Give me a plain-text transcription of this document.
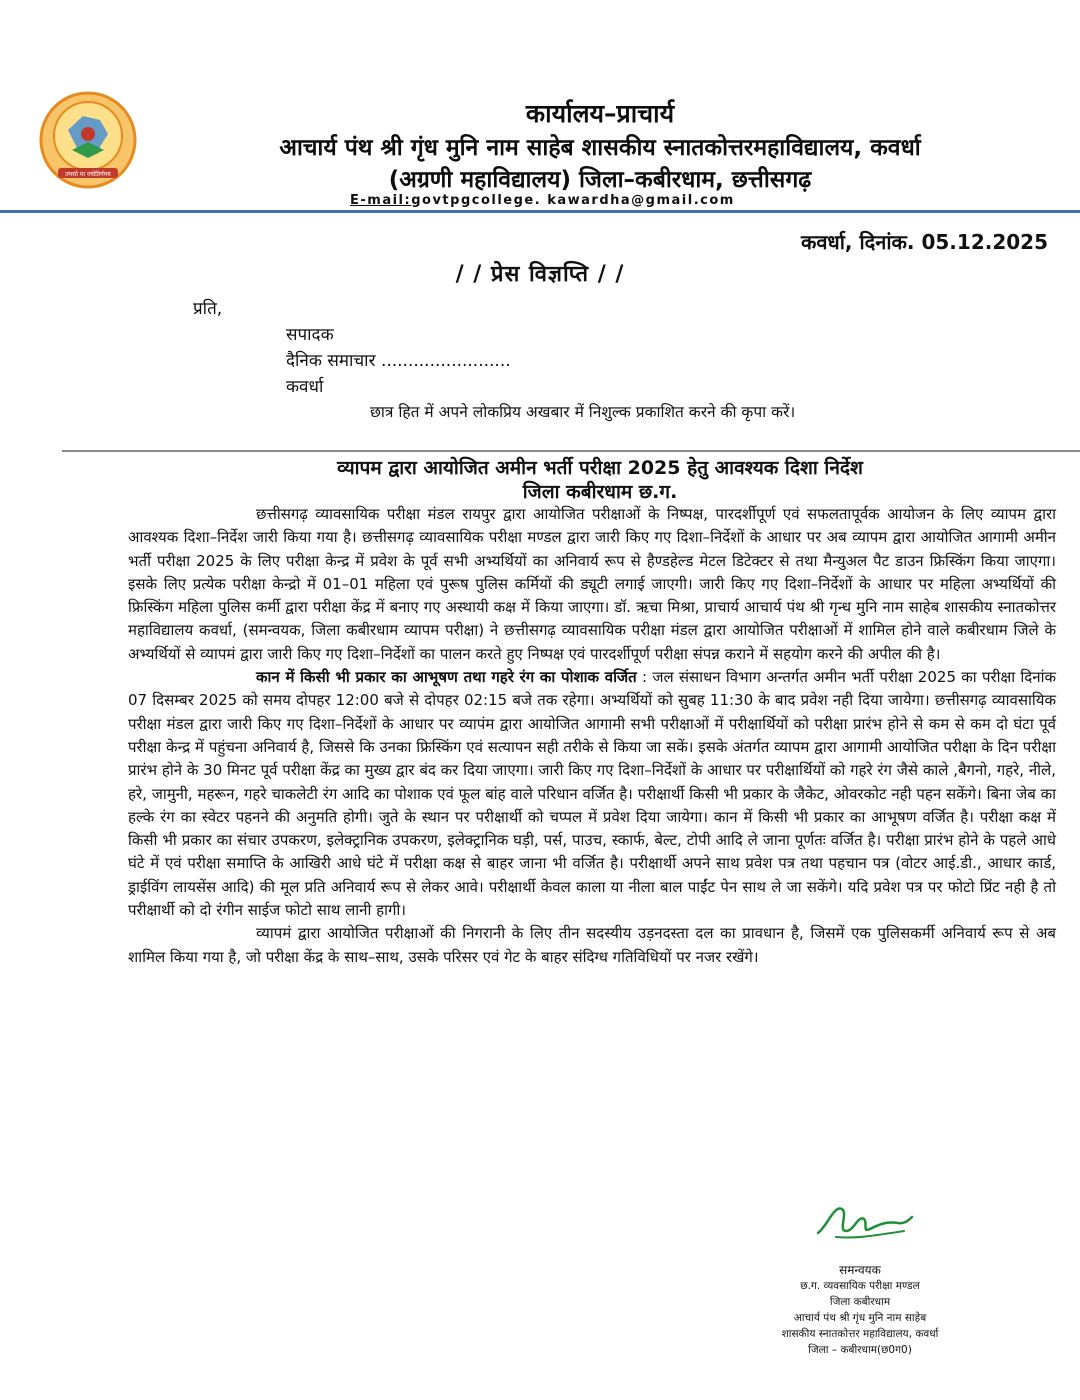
तमसो मा ज्योतिर्गमय
कार्यालय–प्राचार्य
आचार्य पंथ श्री गृंध मुनि नाम साहेब शासकीय स्नातकोत्तरमहाविद्यालय, कवर्धा
(अग्रणी महाविद्यालय) जिला–कबीरधाम, छत्तीसगढ़
E-mail:govtpgcollege. kawardha@gmail.com
कवर्धा, दिनांक. 05.12.2025
/ / प्रेस विज्ञप्ति / /
प्रति,
सपादक
दैनिक समाचार ........................
कवर्धा
छात्र हित में अपने लोकप्रिय अखबार में निशुल्क प्रकाशित करने की कृपा करें।
व्यापम द्वारा आयोजित अमीन भर्ती परीक्षा 2025 हेतु आवश्यक दिशा निर्देश
जिला कबीरधाम छ.ग.

छत्तीसगढ़ व्यावसायिक परीक्षा मंडल रायपुर द्वारा आयोजित परीक्षाओं के निष्पक्ष, पारदर्शीपूर्ण एवं सफलतापूर्वक आयोजन के लिए व्यापम द्वारा आवश्यक दिशा–निर्देश जारी किया गया है। छत्तीसगढ़ व्यावसायिक परीक्षा मण्डल द्वारा जारी किए गए दिशा–निर्देशों के आधार पर अब व्यापम द्वारा आयोजित आगामी अमीन भर्ती परीक्षा 2025 के लिए परीक्षा केन्द्र में प्रवेश के पूर्व सभी अभ्यर्थियों का अनिवार्य रूप से हैण्डहेल्ड मेटल डिटेक्टर से तथा मैन्युअल पैट डाउन फ्रिस्किंग किया जाएगा। इसके लिए प्रत्येक परीक्षा केन्द्रो में 01–01 महिला एवं पुरूष पुलिस कर्मियों की ड्यूटी लगाई जाएगी। जारी किए गए दिशा–निर्देशों के आधार पर महिला अभ्यर्थियों की फ्रिस्किंग महिला पुलिस कर्मी द्वारा परीक्षा केंद्र में बनाए गए अस्थायी कक्ष में किया जाएगा। डॉ. ऋचा मिश्रा, प्राचार्य आचार्य पंथ श्री गृन्ध मुनि नाम साहेब शासकीय स्नातकोत्तर महाविद्यालय कवर्धा, (समन्वयक, जिला कबीरधाम व्यापम परीक्षा) ने छत्तीसगढ़ व्यावसायिक परीक्षा मंडल द्वारा आयोजित परीक्षाओं में शामिल होने वाले कबीरधाम जिले के अभ्यर्थियों से व्यापमं द्वारा जारी किए गए दिशा–निर्देशों का पालन करते हुए निष्पक्ष एवं पारदर्शीपूर्ण परीक्षा संपन्न कराने में सहयोग करने की अपील की है।

कान में किसी भी प्रकार का आभूषण तथा गहरे रंग का पोशाक वर्जित : जल संसाधन विभाग अन्तर्गत अमीन भर्ती परीक्षा 2025 का परीक्षा दिनांक 07 दिसम्बर 2025 को समय दोपहर 12:00 बजे से दोपहर 02:15 बजे तक रहेगा। अभ्यर्थियों को सुबह 11:30 के बाद प्रवेश नही दिया जायेगा। छत्तीसगढ़ व्यावसायिक परीक्षा मंडल द्वारा जारी किए गए दिशा–निर्देशों के आधार पर व्यापंम द्वारा आयोजित आगामी सभी परीक्षाओं में परीक्षार्थियों को परीक्षा प्रारंभ होने से कम से कम दो घंटा पूर्व परीक्षा केन्द्र में पहुंचना अनिवार्य है, जिससे कि उनका फ्रिस्किंग एवं सत्यापन सही तरीके से किया जा सकें। इसके अंतर्गत व्यापम द्वारा आगामी आयोजित परीक्षा के दिन परीक्षा प्रारंभ होने के 30 मिनट पूर्व परीक्षा केंद्र का मुख्य द्वार बंद कर दिया जाएगा। जारी किए गए दिशा–निर्देशों के आधार पर परीक्षार्थियों को गहरे रंग जैसे काले ,बैगनो, गहरे, नीले, हरे, जामुनी, महरून, गहरे चाकलेटी रंग आदि का पोशाक एवं फूल बांह वाले परिधान वर्जित है। परीक्षार्थी किसी भी प्रकार के जैकेट, ओवरकोट नही पहन सकेंगे। बिना जेब का हल्के रंग का स्वेटर पहनने की अनुमति होगी। जुते के स्थान पर परीक्षार्थी को चप्पल में प्रवेश दिया जायेगा। कान में किसी भी प्रकार का आभूषण वर्जित है। परीक्षा कक्ष में किसी भी प्रकार का संचार उपकरण, इलेक्ट्रानिक उपकरण, इलेक्ट्रानिक घड़ी, पर्स, पाउच, स्कार्फ, बेल्ट, टोपी आदि ले जाना पूर्णतः वर्जित है। परीक्षा प्रारंभ होने के पहले आधे घंटे में एवं परीक्षा समाप्ति के आखिरी आधे घंटे में परीक्षा कक्ष से बाहर जाना भी वर्जित है। परीक्षार्थी अपने साथ प्रवेश पत्र तथा पहचान पत्र (वोटर आई.डी., आधार कार्ड, ड्राईविंग लायसेंस आदि) की मूल प्रति अनिवार्य रूप से लेकर आवे। परीक्षार्थी केवल काला या नीला बाल पाईंट पेन साथ ले जा सकेंगे। यदि प्रवेश पत्र पर फोटो प्रिंट नही है तो परीक्षार्थी को दो रंगीन साईज फोटो साथ लानी हागी।

व्यापमं द्वारा आयोजित परीक्षाओं की निगरानी के लिए तीन सदस्यीय उड़नदस्ता दल का प्रावधान है, जिसमें एक पुलिसकर्मी अनिवार्य रूप से अब शामिल किया गया है, जो परीक्षा केंद्र के साथ–साथ, उसके परिसर एवं गेट के बाहर संदिग्ध गतिविधियों पर नजर रखेंगे।

समन्वयक
छ.ग. व्यवसायिक परीक्षा मण्डल
जिला कबीरधाम
आचार्य पंथ श्री गृंध मुनि नाम साहेब
शासकीय स्नातकोत्तर महाविद्यालय, कवर्धा
जिला – कबीरधाम(छ0ग0)
